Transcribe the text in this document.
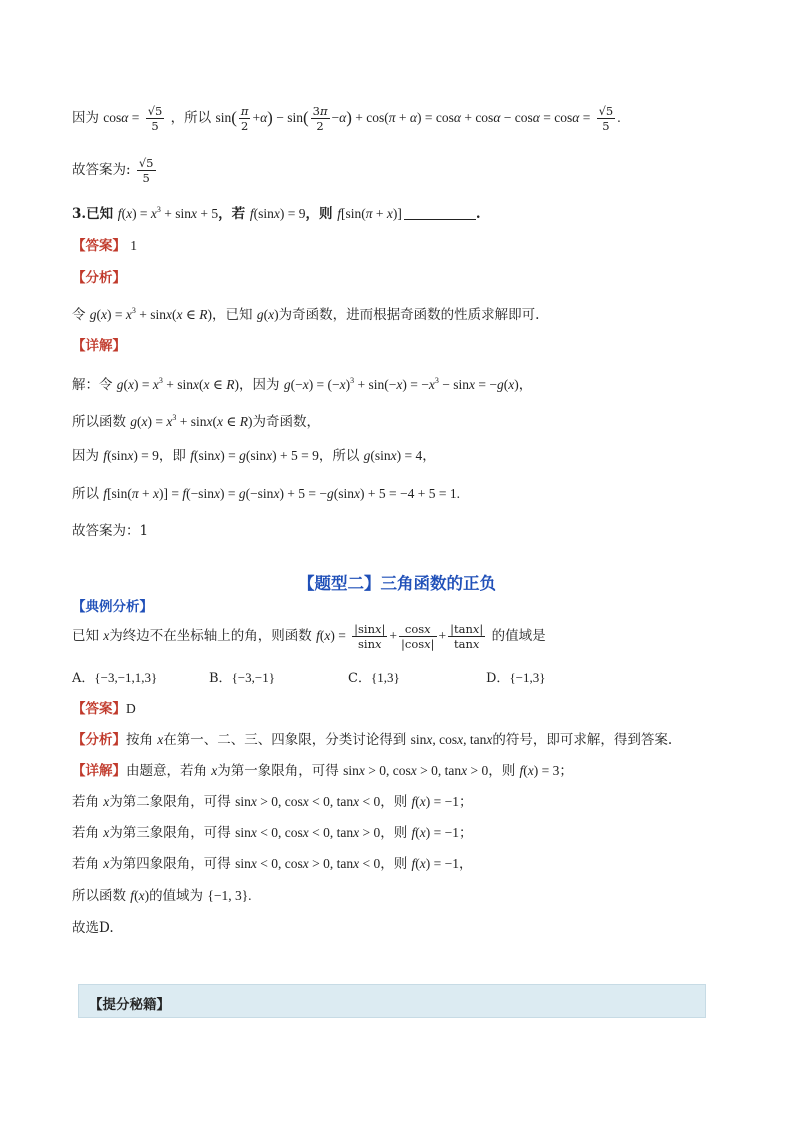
因为 $\cos\alpha = \frac{√5}{5}$ ，所以 $\sin( \frac{\pi}{2} +\alpha) - \sin( \frac{3\pi}{2} -\alpha) + \cos(\pi + \alpha) = \cos\alpha + \cos\alpha - \cos\alpha = \cos\alpha = \frac{√5}{5}$ .
故答案为: $\frac{√5}{5}$
3.已知 $f(x) = x^3 + \sin x + 5$，若 f(sinx) = 9，则 f[sin(π + x)]	.
【答案】 1
【分析】
令 $g(x) = x^3 + \sin x(x$ ∈ R)，已知 g(x)为奇函数，进而根据奇函数的性质求解即可.
【详解】
解：令 $g(x) = x^3 + \sin x(x$ ∈ R)，因为 $g(-x) = (-x)^3 + \sin(-x) = -x^3 - \sin x = -g(x)$，
所以函数 $g(x) = x^3 + \sin x(x$ ∈ R)为奇函数，
因为 f(sinx) = 9，即 f(sinx) = g(sinx) + 5 = 9，所以 g(sinx) = 4，
所以 f[sin(π + x)] = f(−sinx) = g(−sinx) + 5 = −g(sinx) + 5 = −4 + 5 = 1.
故答案为：1
【题型二】三角函数的正负
【典例分析】
已知 x为终边不在坐标轴上的角，则函数 $f(x) = \frac{|\sin x|}{\sin x} + \frac{\cos x}{|\cos x|} + \frac{|\tan x|}{\tan x}$ 的值域是
A．{−3,−1,1,3}	B．{−3,−1}	C．{1,3}	D．{−1,3}
【答案】D
【分析】按角 x在第一、二、三、四象限，分类讨论得到 sinx, cosx, tanx的符号，即可求解，得到答案.
【详解】由题意，若角 x为第一象限角，可得 sinx > 0, cosx > 0, tanx > 0，则 f(x) = 3；
若角 x为第二象限角，可得 sinx > 0, cosx < 0, tanx < 0，则 f(x) = −1；
若角 x为第三象限角，可得 sinx < 0, cosx < 0, tanx > 0，则 f(x) = −1；
若角 x为第四象限角，可得 sinx < 0, cosx > 0, tanx < 0，则 f(x) = −1，
所以函数 f(x)的值域为 {−1, 3}.
故选D.
【提分秘籍】
